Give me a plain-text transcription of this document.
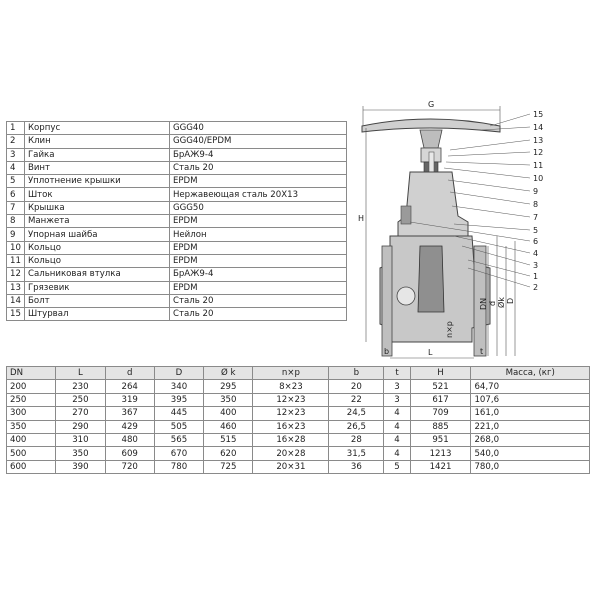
1	Корпус	GGG40
2	Клин	GGG40/EPDM
3	Гайка	БрАЖ9-4
4	Винт	Сталь 20
5	Уплотнение крышки	EPDM
6	Шток	Нержавеющая сталь 20Х13
7	Крышка	GGG50
8	Манжета	EPDM
9	Упорная шайба	Нейлон
10	Кольцо	EPDM
11	Кольцо	EPDM
12	Сальниковая втулка	БрАЖ9-4
13	Грязевик	EPDM
14	Болт	Сталь 20
15	Штурвал	Сталь 20
G
H
L
b	t
n×p
DN d Øk D
15
14
13
12
11
10
9
8
7
5
6
4
3
1
2
DN	L	d	D	Ø k	n×p	b	t	H	Масса, (кг)
200	230	264	340	295	8×23	20	3	521	64,70
250	250	319	395	350	12×23	22	3	617	107,6
300	270	367	445	400	12×23	24,5	4	709	161,0
350	290	429	505	460	16×23	26,5	4	885	221,0
400	310	480	565	515	16×28	28	4	951	268,0
500	350	609	670	620	20×28	31,5	4	1213	540,0
600	390	720	780	725	20×31	36	5	1421	780,0
